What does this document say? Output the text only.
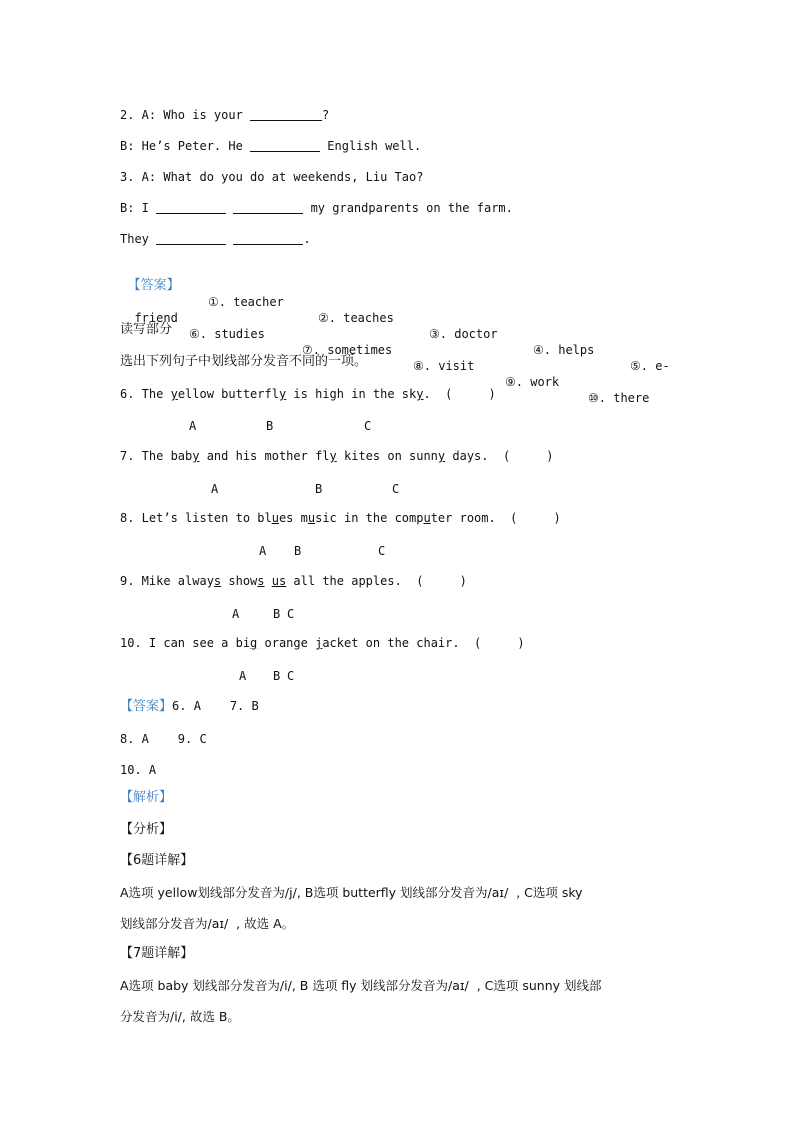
2. A: Who is your	?
B: He’s Peter. He	English well.
3. A: What do you do at weekends, Liu Tao?
B: I	my grandparents on the farm.
They	.

【答案】

①. teacher

②. teaches

③. doctor

④. helps

⑤. e-

friend

⑥. studies

⑦. sometimes

⑧. visit

⑨. work

⑩. there

读写部分
选出下列句子中划线部分发音不同的一项。
6. The yellow butterfly is high in the sky.  (     )
A	B	C
7. The baby and his mother fly kites on sunny days.  (     )
A	B	C
8. Let’s listen to blues music in the computer room.  (     )
A B	C
9. Mike always shows us all the apples.  (     )
A	B C
10. I can see a big orange jacket on the chair.  (     )
A B C
【答案】6. A    7. B
8. A    9. C
10. A
【解析】
【分析】
【6题详解】
A选项 yellow划线部分发音为/j/, B选项 butterfly 划线部分发音为/aɪ/  , C选项 sky
划线部分发音为/aɪ/  , 故选 A。
【7题详解】
A选项 baby 划线部分发音为/i/, B 选项 fly 划线部分发音为/aɪ/  , C选项 sunny 划线部
分发音为/i/, 故选 B。
